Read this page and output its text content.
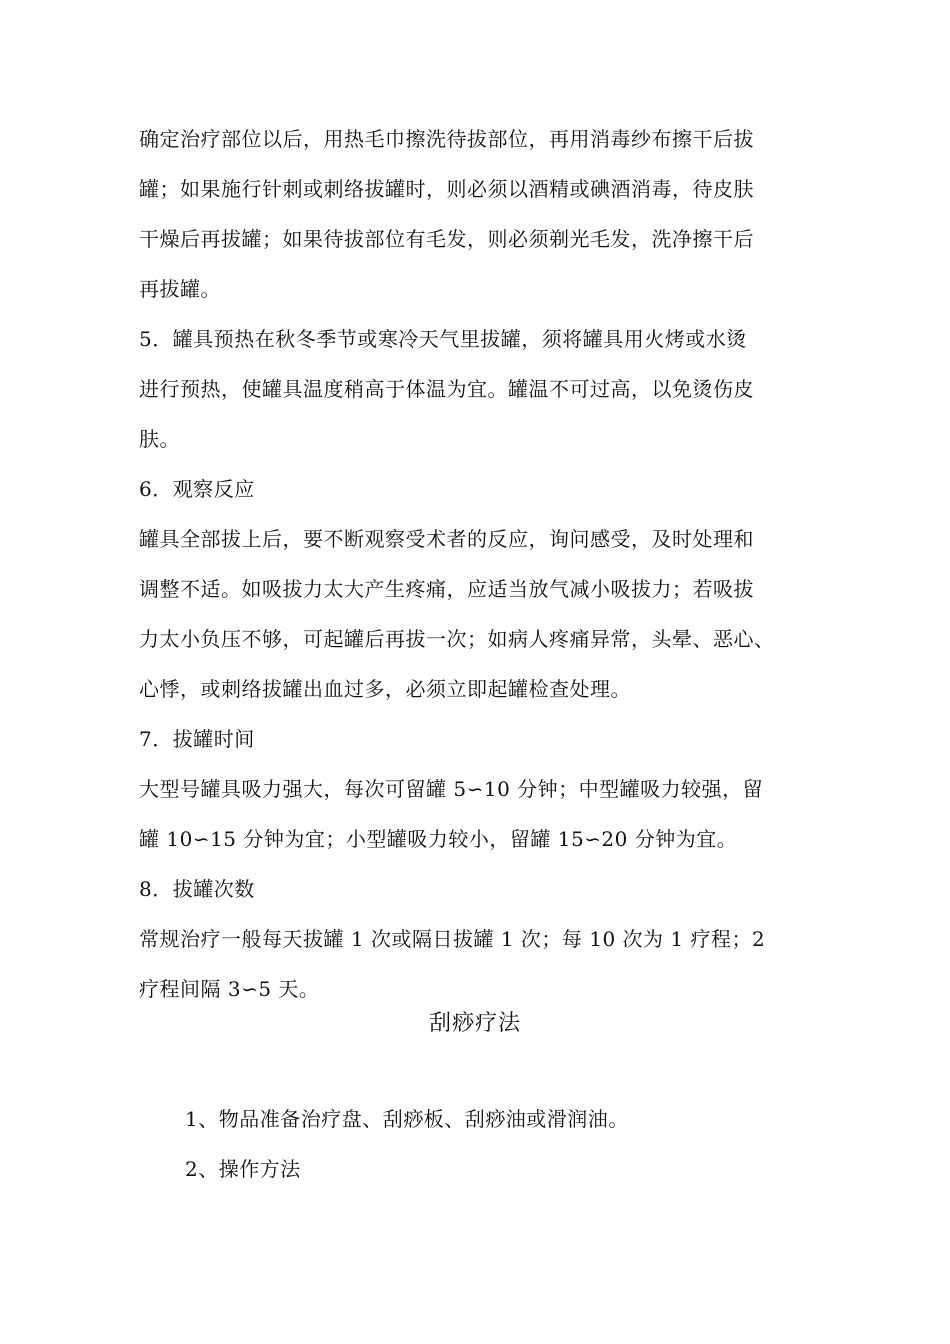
确定治疗部位以后，用热毛巾擦洗待拔部位，再用消毒纱布擦干后拔
罐；如果施行针刺或刺络拔罐时，则必须以酒精或碘酒消毒，待皮肤
干燥后再拔罐；如果待拔部位有毛发，则必须剃光毛发，洗净擦干后
再拔罐。
5．罐具预热在秋冬季节或寒冷天气里拔罐，须将罐具用火烤或水烫
进行预热，使罐具温度稍高于体温为宜。罐温不可过高，以免烫伤皮
肤。
6．观察反应
罐具全部拔上后，要不断观察受术者的反应，询问感受，及时处理和
调整不适。如吸拔力太大产生疼痛，应适当放气减小吸拔力；若吸拔
力太小负压不够，可起罐后再拔一次；如病人疼痛异常，头晕、恶心、
心悸，或刺络拔罐出血过多，必须立即起罐检查处理。
7．拔罐时间
大型号罐具吸力强大，每次可留罐 5∽10 分钟；中型罐吸力较强，留
罐 10∽15 分钟为宜；小型罐吸力较小，留罐 15∽20 分钟为宜。
8．拔罐次数
常规治疗一般每天拔罐 1 次或隔日拔罐 1 次；每 10 次为 1 疗程；2
疗程间隔 3∽5 天。
刮痧疗法
1、物品准备治疗盘、刮痧板、刮痧油或滑润油。
2、操作方法
